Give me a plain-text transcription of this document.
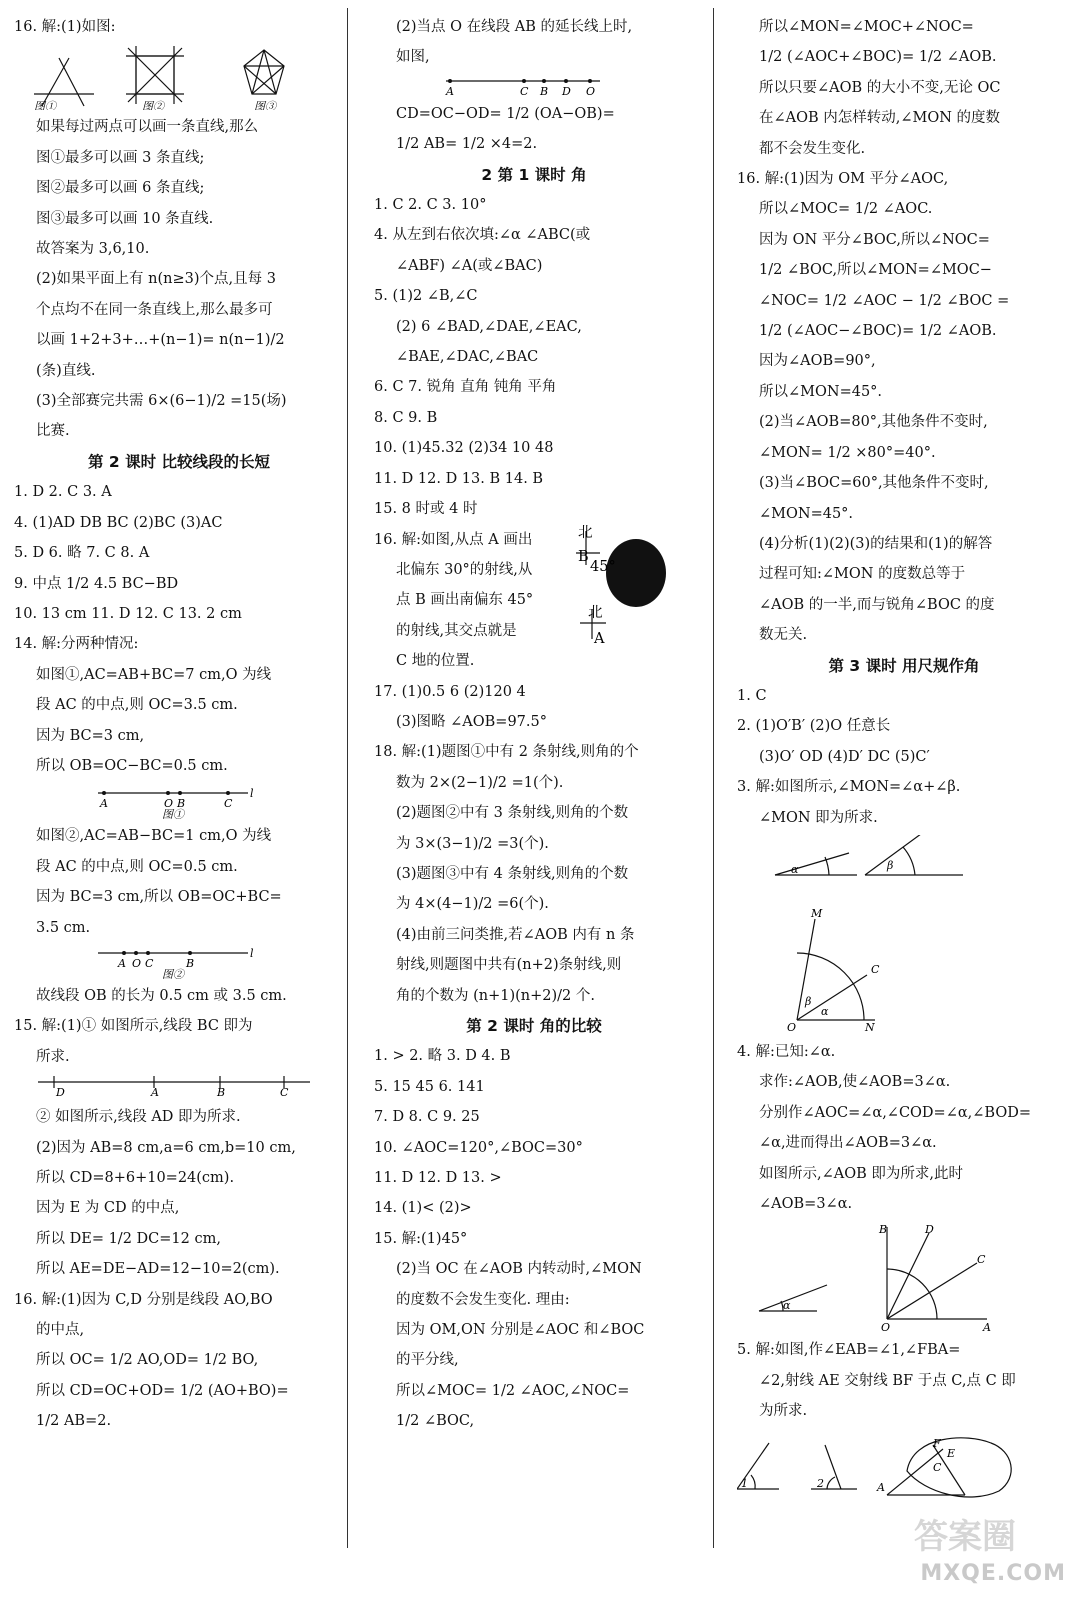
16. 解:(1)如图:
图①	图②	图③
如果每过两点可以画一条直线,那么
图①最多可以画 3 条直线;
图②最多可以画 6 条直线;
图③最多可以画 10 条直线.
故答案为 3,6,10.
(2)如果平面上有 n(n≥3)个点,且每 3
个点均不在同一条直线上,那么最多可
以画 1+2+3+…+(n−1)= n(n−1)/2
(条)直线.
(3)全部赛完共需 6×(6−1)/2 =15(场)
比赛.
第 2 课时 比较线段的长短
1. D 2. C 3. A
4. (1)AD DB BC (2)BC (3)AC
5. D 6. 略 7. C 8. A
9. 中点 1/2 4.5 BC−BD
10. 13 cm 11. D 12. C 13. 2 cm
14. 解:分两种情况:
如图①,AC=AB+BC=7 cm,O 为线
段 AC 的中点,则 OC=3.5 cm.
因为 BC=3 cm,
所以 OB=OC−BC=0.5 cm.
A	O B	C
l
图①
如图②,AC=AB−BC=1 cm,O 为线
段 AC 的中点,则 OC=0.5 cm.
因为 BC=3 cm,所以 OB=OC+BC=
3.5 cm.
A O C	B
l
图②
故线段 OB 的长为 0.5 cm 或 3.5 cm.
15. 解:(1)① 如图所示,线段 BC 即为
所求.
D	A	B	C
② 如图所示,线段 AD 即为所求.
(2)因为 AB=8 cm,a=6 cm,b=10 cm,
所以 CD=8+6+10=24(cm).
因为 E 为 CD 的中点,
所以 DE= 1/2 DC=12 cm,
所以 AE=DE−AD=12−10=2(cm).
16. 解:(1)因为 C,D 分别是线段 AO,BO
的中点,
所以 OC= 1/2 AO,OD= 1/2 BO,
所以 CD=OC+OD= 1/2 (AO+BO)=
1/2 AB=2.
(2)当点 O 在线段 AB 的延长线上时,
如图,
A	C B D O
CD=OC−OD= 1/2 (OA−OB)=
1/2 AB= 1/2 ×4=2.
2 第 1 课时 角
1. C 2. C 3. 10°
4. 从左到右依次填:∠α ∠ABC(或
∠ABF) ∠A(或∠BAC)
5. (1)2 ∠B,∠C
(2) 6 ∠BAD,∠DAE,∠EAC,
∠BAE,∠DAC,∠BAC
6. C 7. 锐角 直角 钝角 平角
8. C 9. B
10. (1)45.32 (2)34 10 48
11. D 12. D 13. B 14. B
15. 8 时或 4 时
16. 解:如图,从点 A 画出
北偏东 30°的射线,从
点 B 画出南偏东 45°
的射线,其交点就是
C 地的位置.
北
B
45°
北
A
17. (1)0.5 6 (2)120 4
(3)图略 ∠AOB=97.5°
18. 解:(1)题图①中有 2 条射线,则角的个
数为 2×(2−1)/2 =1(个).
(2)题图②中有 3 条射线,则角的个数
为 3×(3−1)/2 =3(个).
(3)题图③中有 4 条射线,则角的个数
为 4×(4−1)/2 =6(个).
(4)由前三问类推,若∠AOB 内有 n 条
射线,则题图中共有(n+2)条射线,则
角的个数为 (n+1)(n+2)/2 个.
第 2 课时 角的比较
1. > 2. 略 3. D 4. B
5. 15 45 6. 141
7. D 8. C 9. 25
10. ∠AOC=120°,∠BOC=30°
11. D 12. D 13. >
14. (1)< (2)>
15. 解:(1)45°
(2)当 OC 在∠AOB 内转动时,∠MON
的度数不会发生变化. 理由:
因为 OM,ON 分别是∠AOC 和∠BOC
的平分线,
所以∠MOC= 1/2 ∠AOC,∠NOC=
1/2 ∠BOC,
所以∠MON=∠MOC+∠NOC=
1/2 (∠AOC+∠BOC)= 1/2 ∠AOB.
所以只要∠AOB 的大小不变,无论 OC
在∠AOB 内怎样转动,∠MON 的度数
都不会发生变化.
16. 解:(1)因为 OM 平分∠AOC,
所以∠MOC= 1/2 ∠AOC.
因为 ON 平分∠BOC,所以∠NOC=
1/2 ∠BOC,所以∠MON=∠MOC−
∠NOC= 1/2 ∠AOC − 1/2 ∠BOC =
1/2 (∠AOC−∠BOC)= 1/2 ∠AOB.
因为∠AOB=90°,
所以∠MON=45°.
(2)当∠AOB=80°,其他条件不变时,
∠MON= 1/2 ×80°=40°.
(3)当∠BOC=60°,其他条件不变时,
∠MON=45°.
(4)分析(1)(2)(3)的结果和(1)的解答
过程可知:∠MON 的度数总等于
∠AOB 的一半,而与锐角∠BOC 的度
数无关.
第 3 课时 用尺规作角
1. C
2. (1)O′B′ (2)O 任意长
(3)O′ OD (4)D′ DC (5)C′
3. 解:如图所示,∠MON=∠α+∠β.
∠MON 即为所求.
α	β
M
C
O	N
β
α
4. 解:已知:∠α.
求作:∠AOB,使∠AOB=3∠α.
分别作∠AOC=∠α,∠COD=∠α,∠BOD=
∠α,进而得出∠AOB=3∠α.
如图所示,∠AOB 即为所求,此时
∠AOB=3∠α.
α
B	D
C
O	A
5. 解:如图,作∠EAB=∠1,∠FBA=
∠2,射线 AE 交射线 BF 于点 C,点 C 即
为所求.
1	2
F
E
C
A
答案圈
MXQE.COM
